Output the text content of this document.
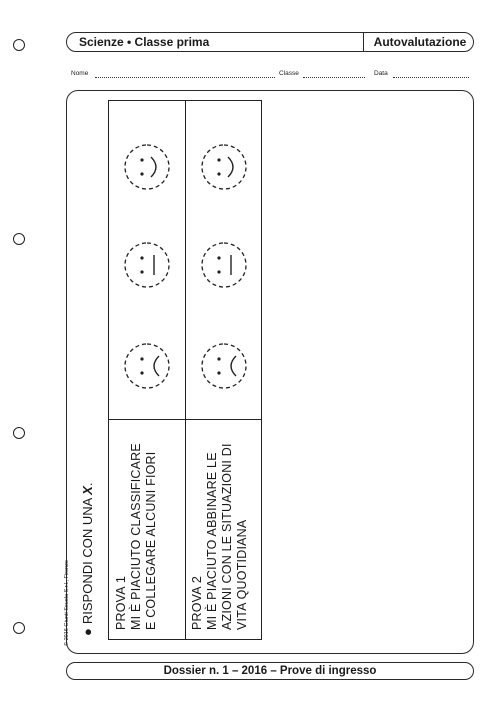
Scienze • Classe prima	Autovalutazione
Nome	Classe	Data
© 2016 Giunti Scuola S.r.l., Firenze ●RISPONDI CON UNA X.
PROVA 1 MI È PIACIUTO CLASSIFICARE E COLLEGARE ALCUNI FIORI	PROVA 2 MI È PIACIUTO ABBINARE LE AZIONI CON LE SITUAZIONI DI VITA QUOTIDIANA
Dossier n. 1 – 2016 – Prove di ingresso
